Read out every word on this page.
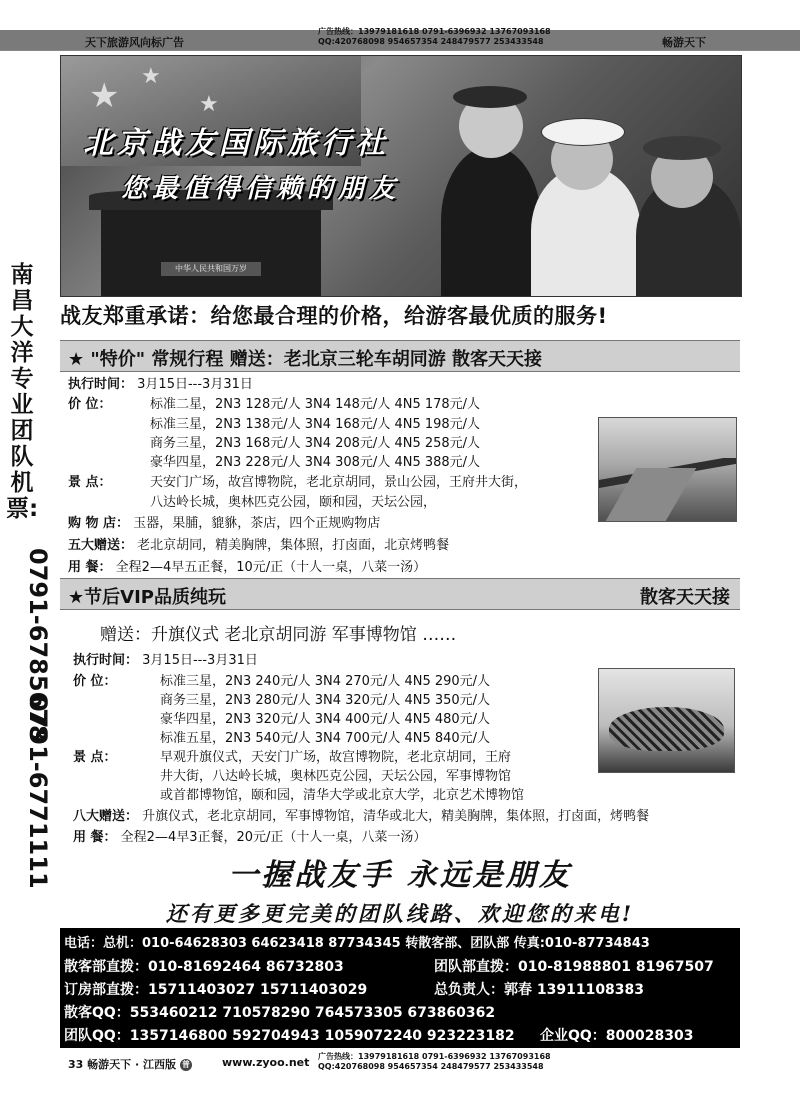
天下旅游风向标广告
广告热线：13979181618 0791-6396932 13767093168
QQ:420768098 954657354 248479577 253433548	畅游天下
南昌大洋专业团队机票:
0791-6785678
0791-6771111
★ ★
★
中华人民共和国万岁
北京战友国际旅行社
您最值得信赖的朋友
战友郑重承诺：给您最合理的价格，给游客最优质的服务!
★ "特价" 常规行程 赠送：老北京三轮车胡同游 散客天天接
执行时间： 3月15日---3月31日
价 位：	标准二星，2N3 128元/人 3N4 148元/人 4N5 178元/人
标准三星，2N3 138元/人 3N4 168元/人 4N5 198元/人
商务三星，2N3 168元/人 3N4 208元/人 4N5 258元/人
豪华四星，2N3 228元/人 3N4 308元/人 4N5 388元/人
景 点：	天安门广场，故宫博物院，老北京胡同，景山公园，王府井大街，
八达岭长城，奥林匹克公园，颐和园，天坛公园，
购 物 店： 玉器，果脯，貔貅，茶店，四个正规购物店
五大赠送： 老北京胡同，精美胸牌，集体照，打卤面，北京烤鸭餐
用 餐： 全程2—4早五正餐，10元/正（十人一桌，八菜一汤）
★节后VIP品质纯玩	散客天天接
赠送：升旗仪式 老北京胡同游 军事博物馆 ……
执行时间： 3月15日---3月31日
价 位：	标准三星，2N3 240元/人 3N4 270元/人 4N5 290元/人
商务三星，2N3 280元/人 3N4 320元/人 4N5 350元/人
豪华四星，2N3 320元/人 3N4 400元/人 4N5 480元/人
标准五星，2N3 540元/人 3N4 700元/人 4N5 840元/人
景 点：	早观升旗仪式，天安门广场，故宫博物院，老北京胡同，王府
井大街，八达岭长城，奥林匹克公园，天坛公园，军事博物馆
或首都博物馆，颐和园，清华大学或北京大学，北京艺术博物馆
八大赠送： 升旗仪式，老北京胡同，军事博物馆，清华或北大，精美胸牌，集体照，打卤面，烤鸭餐
用 餐： 全程2—4早3正餐，20元/正（十人一桌，八菜一汤）
一握战友手 永远是朋友
还有更多更完美的团队线路、欢迎您的来电!
电话：总机：010-64628303 64623418 87734345 转散客部、团队部 传真:010-87734843
散客部直拨：010-81692464 86732803	团队部直拨：010-81988801 81967507
订房部直拨：15711403027 15711403029	总负责人：郭春 13911108383
散客QQ：553460212 710578290 764573305 673860362
团队QQ：1357146800 592704943 1059072240 923223182 企业QQ：800028303
33 畅游天下 · 江西版 普	www.zyoo.net 广告热线：13979181618 0791-6396932 13767093168
QQ:420768098 954657354 248479577 253433548
